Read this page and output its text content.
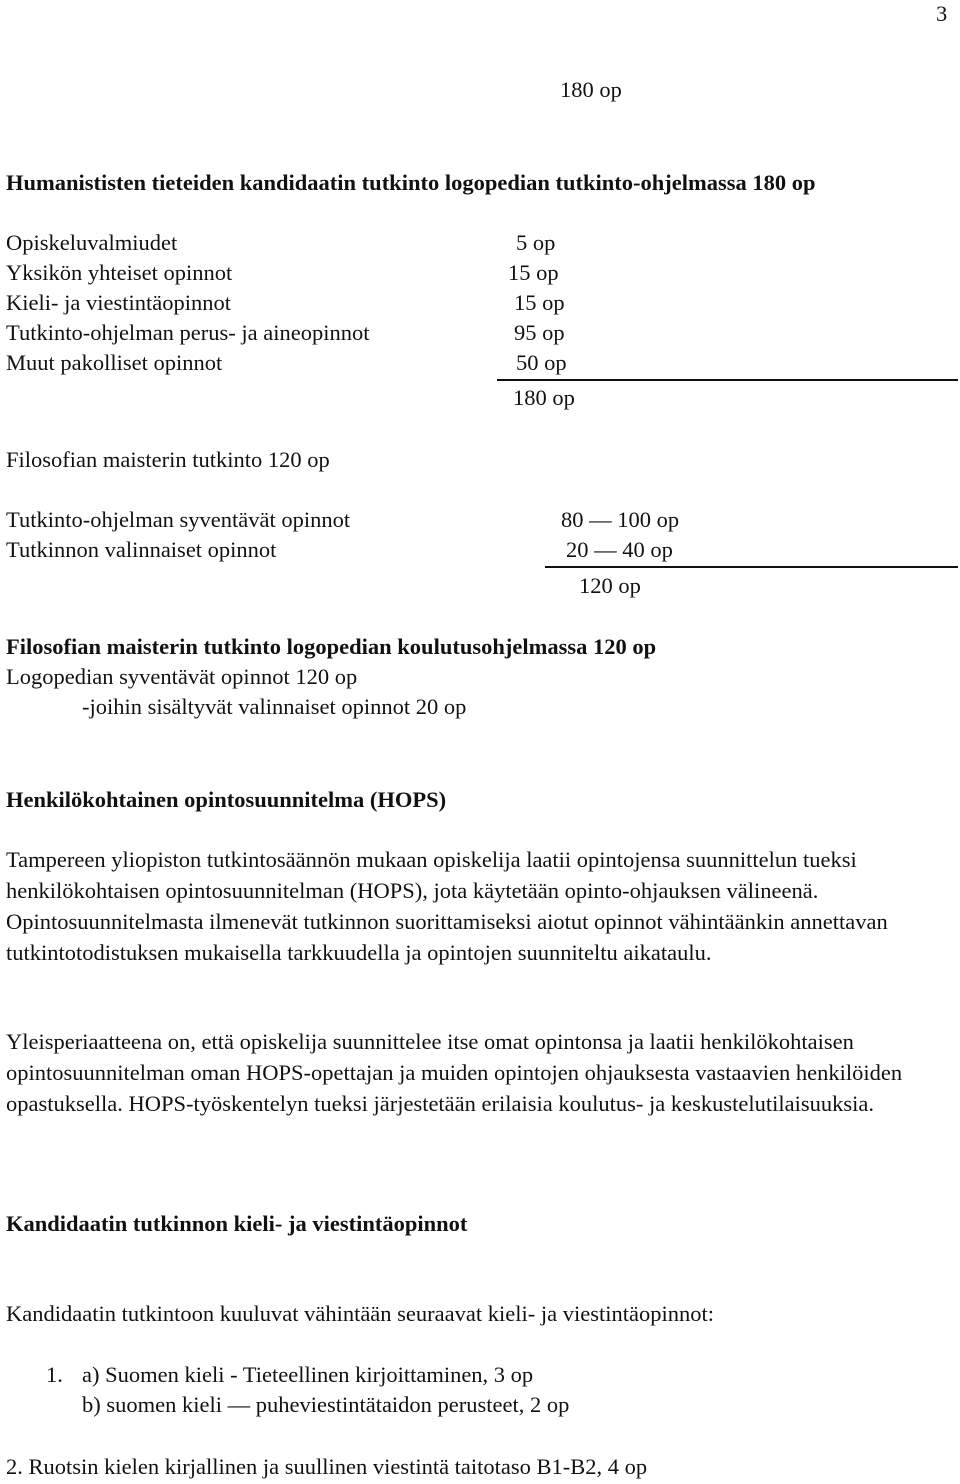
3
180 op
Humanististen tieteiden kandidaatin tutkinto logopedian tutkinto-ohjelmassa 180 op
Opiskeluvalmiudet	5 op
Yksikön yhteiset opinnot	15 op
Kieli- ja viestintäopinnot	15 op
Tutkinto-ohjelman perus- ja aineopinnot	95 op
Muut pakolliset opinnot	50 op
180 op
Filosofian maisterin tutkinto 120 op
Tutkinto-ohjelman syventävät opinnot	80 — 100 op
Tutkinnon valinnaiset opinnot	20 — 40 op
120 op
Filosofian maisterin tutkinto logopedian koulutusohjelmassa 120 op
Logopedian syventävät opinnot 120 op
-joihin sisältyvät valinnaiset opinnot 20 op
Henkilökohtainen opintosuunnitelma (HOPS)

Tampereen yliopiston tutkintosäännön mukaan opiskelija laatii opintojensa suunnittelun tueksi henkilökohtaisen opintosuunnitelman (HOPS), jota käytetään opinto-ohjauksen välineenä. Opintosuunnitelmasta ilmenevät tutkinnon suorittamiseksi aiotut opinnot vähintäänkin annettavan tutkintotodistuksen mukaisella tarkkuudella ja opintojen suunniteltu aikataulu.

Yleisperiaatteena on, että opiskelija suunnittelee itse omat opintonsa ja laatii henkilökohtaisen opintosuunnitelman oman HOPS-opettajan ja muiden opintojen ohjauksesta vastaavien henkilöiden opastuksella. HOPS-työskentelyn tueksi järjestetään erilaisia koulutus- ja keskustelutilaisuuksia.

Kandidaatin tutkinnon kieli- ja viestintäopinnot
Kandidaatin tutkintoon kuuluvat vähintään seuraavat kieli- ja viestintäopinnot:
1. a) Suomen kieli - Tieteellinen kirjoittaminen, 3 op
b) suomen kieli — puheviestintätaidon perusteet, 2 op
2. Ruotsin kielen kirjallinen ja suullinen viestintä taitotaso B1-B2, 4 op
